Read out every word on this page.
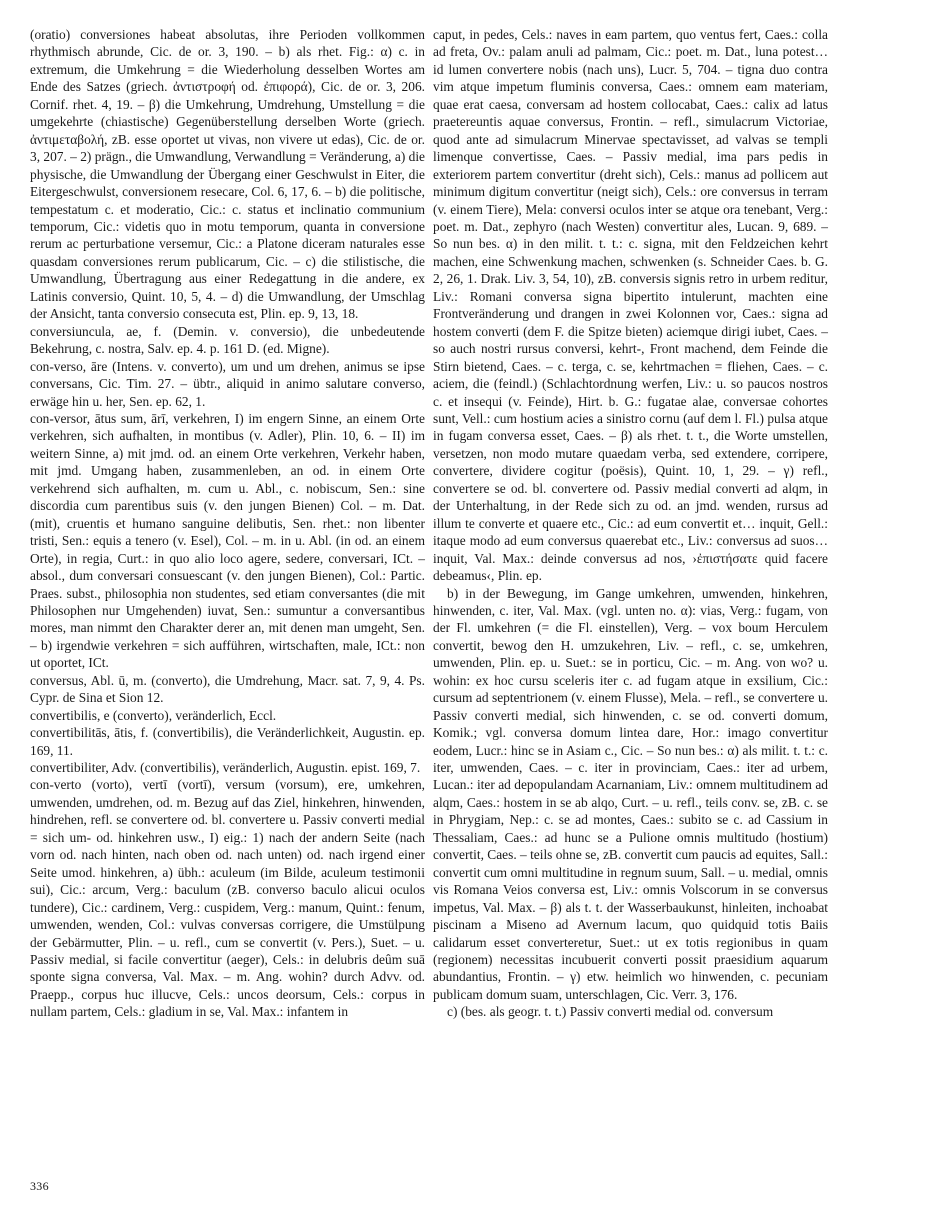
(oratio) conversiones habeat absolutas, ihre Perioden vollkommen rhythmisch abrunde, Cic. de or. 3, 190. – b) als rhet. Fig.: α) c. in extremum, die Umkehrung = die Wiederholung desselben Wortes am Ende des Satzes (griech. ἀντιστροφή od. ἐπιφορά), Cic. de or. 3, 206. Cornif. rhet. 4, 19. – β) die Umkehrung, Umdrehung, Umstellung = die umgekehrte (chiastische) Gegenüberstellung derselben Worte (griech. ἀντιμεταβολή, zB. esse oportet ut vivas, non vivere ut edas), Cic. de or. 3, 207. – 2) prägn., die Umwandlung, Verwandlung = Veränderung, a) die physische, die Umwandlung der Übergang einer Geschwulst in Eiter, die Eitergeschwulst, conversionem resecare, Col. 6, 17, 6. – b) die politische, tempestatum c. et moderatio, Cic.: c. status et inclinatio communium temporum, Cic.: videtis quo in motu temporum, quanta in conversione rerum ac perturbatione versemur, Cic.: a Platone diceram naturales esse quasdam conversiones rerum publicarum, Cic. – c) die stilistische, die Umwandlung, Übertragung aus einer Redegattung in die andere, ex Latinis conversio, Quint. 10, 5, 4. – d) die Umwandlung, der Umschlag der Ansicht, tanta conversio consecuta est, Plin. ep. 9, 13, 18.

conversiuncula, ae, f. (Demin. v. conversio), die unbedeutende Bekehrung, c. nostra, Salv. ep. 4. p. 161 D. (ed. Migne).

con-verso, āre (Intens. v. converto), um und um drehen, animus se ipse conversans, Cic. Tim. 27. – übtr., aliquid in animo salutare converso, erwäge hin u. her, Sen. ep. 62, 1.

con-versor, ātus sum, ārī, verkehren, I) im engern Sinne, an einem Orte verkehren, sich aufhalten, in montibus (v. Adler), Plin. 10, 6. – II) im weitern Sinne, a) mit jmd. od. an einem Orte verkehren, Verkehr haben, mit jmd. Umgang haben, zusammenleben, an od. in einem Orte verkehrend sich aufhalten, m. cum u. Abl., c. nobiscum, Sen.: sine discordia cum parentibus suis (v. den jungen Bienen) Col. – m. Dat. (mit), cruentis et humano sanguine delibutis, Sen. rhet.: non libenter tristi, Sen.: equis a tenero (v. Esel), Col. – m. in u. Abl. (in od. an einem Orte), in regia, Curt.: in quo alio loco agere, sedere, conversari, ICt. – absol., dum conversari consuescant (v. den jungen Bienen), Col.: Partic. Praes. subst., philosophia non studentes, sed etiam conversantes (die mit Philosophen nur Umgehenden) iuvat, Sen.: sumuntur a conversantibus mores, man nimmt den Charakter derer an, mit denen man umgeht, Sen. – b) irgendwie verkehren = sich aufführen, wirtschaften, male, ICt.: non ut oportet, ICt.

conversus, Abl. ū, m. (converto), die Umdrehung, Macr. sat. 7, 9, 4. Ps. Cypr. de Sina et Sion 12.

convertibilis, e (converto), veränderlich, Eccl.

convertibilitās, ātis, f. (convertibilis), die Veränderlichkeit, Augustin. ep. 169, 11.

convertibiliter, Adv. (convertibilis), veränderlich, Augustin. epist. 169, 7.

con-verto (vorto), vertī (vortī), versum (vorsum), ere, umkehren, umwenden, umdrehen, od. m. Bezug auf das Ziel, hinkehren, hinwenden, hindrehen, refl. se convertere od. bl. convertere u. Passiv converti medial = sich um- od. hinkehren usw., I) eig.: 1) nach der andern Seite (nach vorn od. nach hinten, nach oben od. nach unten) od. nach irgend einer Seite umod. hinkehren, a) übh.: aculeum (im Bilde, aculeum testimonii sui), Cic.: arcum, Verg.: baculum (zB. converso baculo alicui oculos tundere), Cic.: cardinem, Verg.: cuspidem, Verg.: manum, Quint.: fenum, umwenden, wenden, Col.: vulvas conversas corrigere, die Umstülpung der Gebärmutter, Plin. – u. refl., cum se convertit (v. Pers.), Suet. – u. Passiv medial, si facile convertitur (aeger), Cels.: in delubris deûm suā sponte signa conversa, Val. Max. – m. Ang. wohin? durch Advv. od. Praepp., corpus huc illucve, Cels.: uncos deorsum, Cels.: corpus in nullam partem, Cels.: gladium in se, Val. Max.: infantem in

caput, in pedes, Cels.: naves in eam partem, quo ventus fert, Caes.: colla ad freta, Ov.: palam anuli ad palmam, Cic.: poet. m. Dat., luna potest… id lumen convertere nobis (nach uns), Lucr. 5, 704. – tigna duo contra vim atque impetum fluminis conversa, Caes.: omnem eam materiam, quae erat caesa, conversam ad hostem collocabat, Caes.: calix ad latus praetereuntis aquae conversus, Frontin. – refl., simulacrum Victoriae, quod ante ad simulacrum Minervae spectavisset, ad valvas se templi limenque convertisse, Caes. – Passiv medial, ima pars pedis in exteriorem partem convertitur (dreht sich), Cels.: manus ad pollicem aut minimum digitum convertitur (neigt sich), Cels.: ore conversus in terram (v. einem Tiere), Mela: conversi oculos inter se atque ora tenebant, Verg.: poet. m. Dat., zephyro (nach Westen) convertitur ales, Lucan. 9, 689. – So nun bes. α) in den milit. t. t.: c. signa, mit den Feldzeichen kehrt machen, eine Schwenkung machen, schwenken (s. Schneider Caes. b. G. 2, 26, 1. Drak. Liv. 3, 54, 10), zB. conversis signis retro in urbem reditur, Liv.: Romani conversa signa bipertito intulerunt, machten eine Frontveränderung und drangen in zwei Kolonnen vor, Caes.: signa ad hostem converti (dem F. die Spitze bieten) aciemque dirigi iubet, Caes. – so auch nostri rursus conversi, kehrt-, Front machend, dem Feinde die Stirn bietend, Caes. – c. terga, c. se, kehrtmachen = fliehen, Caes. – c. aciem, die (feindl.) (Schlachtordnung werfen, Liv.: u. so paucos nostros c. et insequi (v. Feinde), Hirt. b. G.: fugatae alae, conversae cohortes sunt, Vell.: cum hostium acies a sinistro cornu (auf dem l. Fl.) pulsa atque in fugam conversa esset, Caes. – β) als rhet. t. t., die Worte umstellen, versetzen, non modo mutare quaedam verba, sed extendere, corripere, convertere, dividere cogitur (poёsis), Quint. 10, 1, 29. – γ) refl., convertere se od. bl. convertere od. Passiv medial converti ad alqm, in der Unterhaltung, in der Rede sich zu od. an jmd. wenden, rursus ad illum te converte et quaere etc., Cic.: ad eum convertit et… inquit, Gell.: itaque modo ad eum conversus quaerebat etc., Liv.: conversus ad suos… inquit, Val. Max.: deinde conversus ad nos, ›ἐπιστήσατε quid facere debeamus‹, Plin. ep.

b) in der Bewegung, im Gange umkehren, umwenden, hinkehren, hinwenden, c. iter, Val. Max. (vgl. unten no. α): vias, Verg.: fugam, von der Fl. umkehren (= die Fl. einstellen), Verg. – vox boum Herculem convertit, bewog den H. umzukehren, Liv. – refl., c. se, umkehren, umwenden, Plin. ep. u. Suet.: se in porticu, Cic. – m. Ang. von wo? u. wohin: ex hoc cursu sceleris iter c. ad fugam atque in exsilium, Cic.: cursum ad septentrionem (v. einem Flusse), Mela. – refl., se convertere u. Passiv converti medial, sich hinwenden, c. se od. converti domum, Komik.; vgl. conversa domum lintea dare, Hor.: imago convertitur eodem, Lucr.: hinc se in Asiam c., Cic. – So nun bes.: α) als milit. t. t.: c. iter, umwenden, Caes. – c. iter in provinciam, Caes.: iter ad urbem, Lucan.: iter ad depopulandam Acarnaniam, Liv.: omnem multitudinem ad alqm, Caes.: hostem in se ab alqo, Curt. – u. refl., teils conv. se, zB. c. se in Phrygiam, Nep.: c. se ad montes, Caes.: subito se c. ad Cassium in Thessaliam, Caes.: ad hunc se a Pulione omnis multitudo (hostium) convertit, Caes. – teils ohne se, zB. convertit cum paucis ad equites, Sall.: convertit cum omni multitudine in regnum suum, Sall. – u. medial, omnis vis Romana Veios conversa est, Liv.: omnis Volscorum in se conversus impetus, Val. Max. – β) als t. t. der Wasserbaukunst, hinleiten, inchoabat piscinam a Miseno ad Avernum lacum, quo quidquid totis Baiis calidarum esset converteretur, Suet.: ut ex totis regionibus in quam (regionem) necessitas incubuerit converti possit praesidium aquarum abundantius, Frontin. – γ) etw. heimlich wo hinwenden, c. pecuniam publicam domum suam, unterschlagen, Cic. Verr. 3, 176.

c) (bes. als geogr. t. t.) Passiv converti medial od. conversum

336
